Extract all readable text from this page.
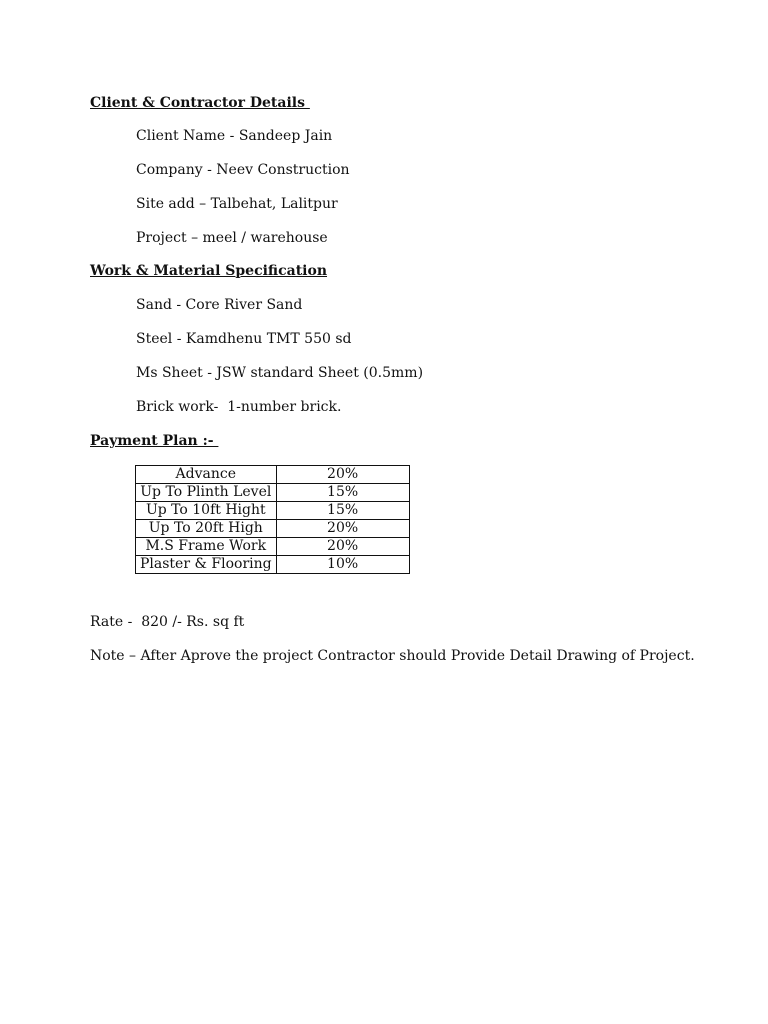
Client & Contractor Details
Client Name - Sandeep Jain
Company - Neev Construction
Site add – Talbehat, Lalitpur
Project – meel / warehouse
Work & Material Specification
Sand - Core River Sand
Steel - Kamdhenu TMT 550 sd
Ms Sheet - JSW standard Sheet (0.5mm)
Brick work-  1-number brick.
Payment Plan :-
Advance	20%
Up To Plinth Level	15%
Up To 10ft Hight	15%
Up To 20ft High	20%
M.S Frame Work	20%
Plaster & Flooring	10%
Rate -  820 /- Rs. sq ft
Note – After Aprove the project Contractor should Provide Detail Drawing of Project.
